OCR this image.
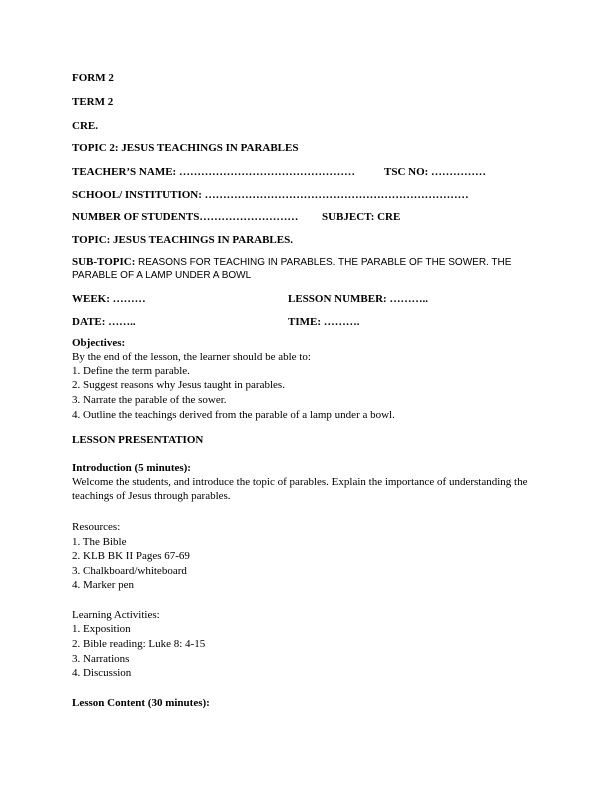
FORM 2
TERM 2
CRE.
TOPIC 2: JESUS TEACHINGS IN PARABLES
TEACHER’S NAME: …………………………………………	TSC NO: ……………
SCHOOL/ INSTITUTION: ………………………………………………………………
NUMBER OF STUDENTS……………………… SUBJECT: CRE
TOPIC: JESUS TEACHINGS IN PARABLES.
SUB-TOPIC: REASONS FOR TEACHING IN PARABLES. THE PARABLE OF THE SOWER. THE PARABLE OF A LAMP UNDER A BOWL
WEEK: ………	LESSON NUMBER: ………..
DATE: ……..	TIME: ……….
Objectives:
By the end of the lesson, the learner should be able to:
1. Define the term parable.
2. Suggest reasons why Jesus taught in parables.
3. Narrate the parable of the sower.
4. Outline the teachings derived from the parable of a lamp under a bowl.
LESSON PRESENTATION
Introduction (5 minutes):
Welcome the students, and introduce the topic of parables. Explain the importance of understanding the teachings of Jesus through parables.
Resources:
1. The Bible
2. KLB BK II Pages 67-69
3. Chalkboard/whiteboard
4. Marker pen
Learning Activities:
1. Exposition
2. Bible reading: Luke 8: 4-15
3. Narrations
4. Discussion
Lesson Content (30 minutes):
